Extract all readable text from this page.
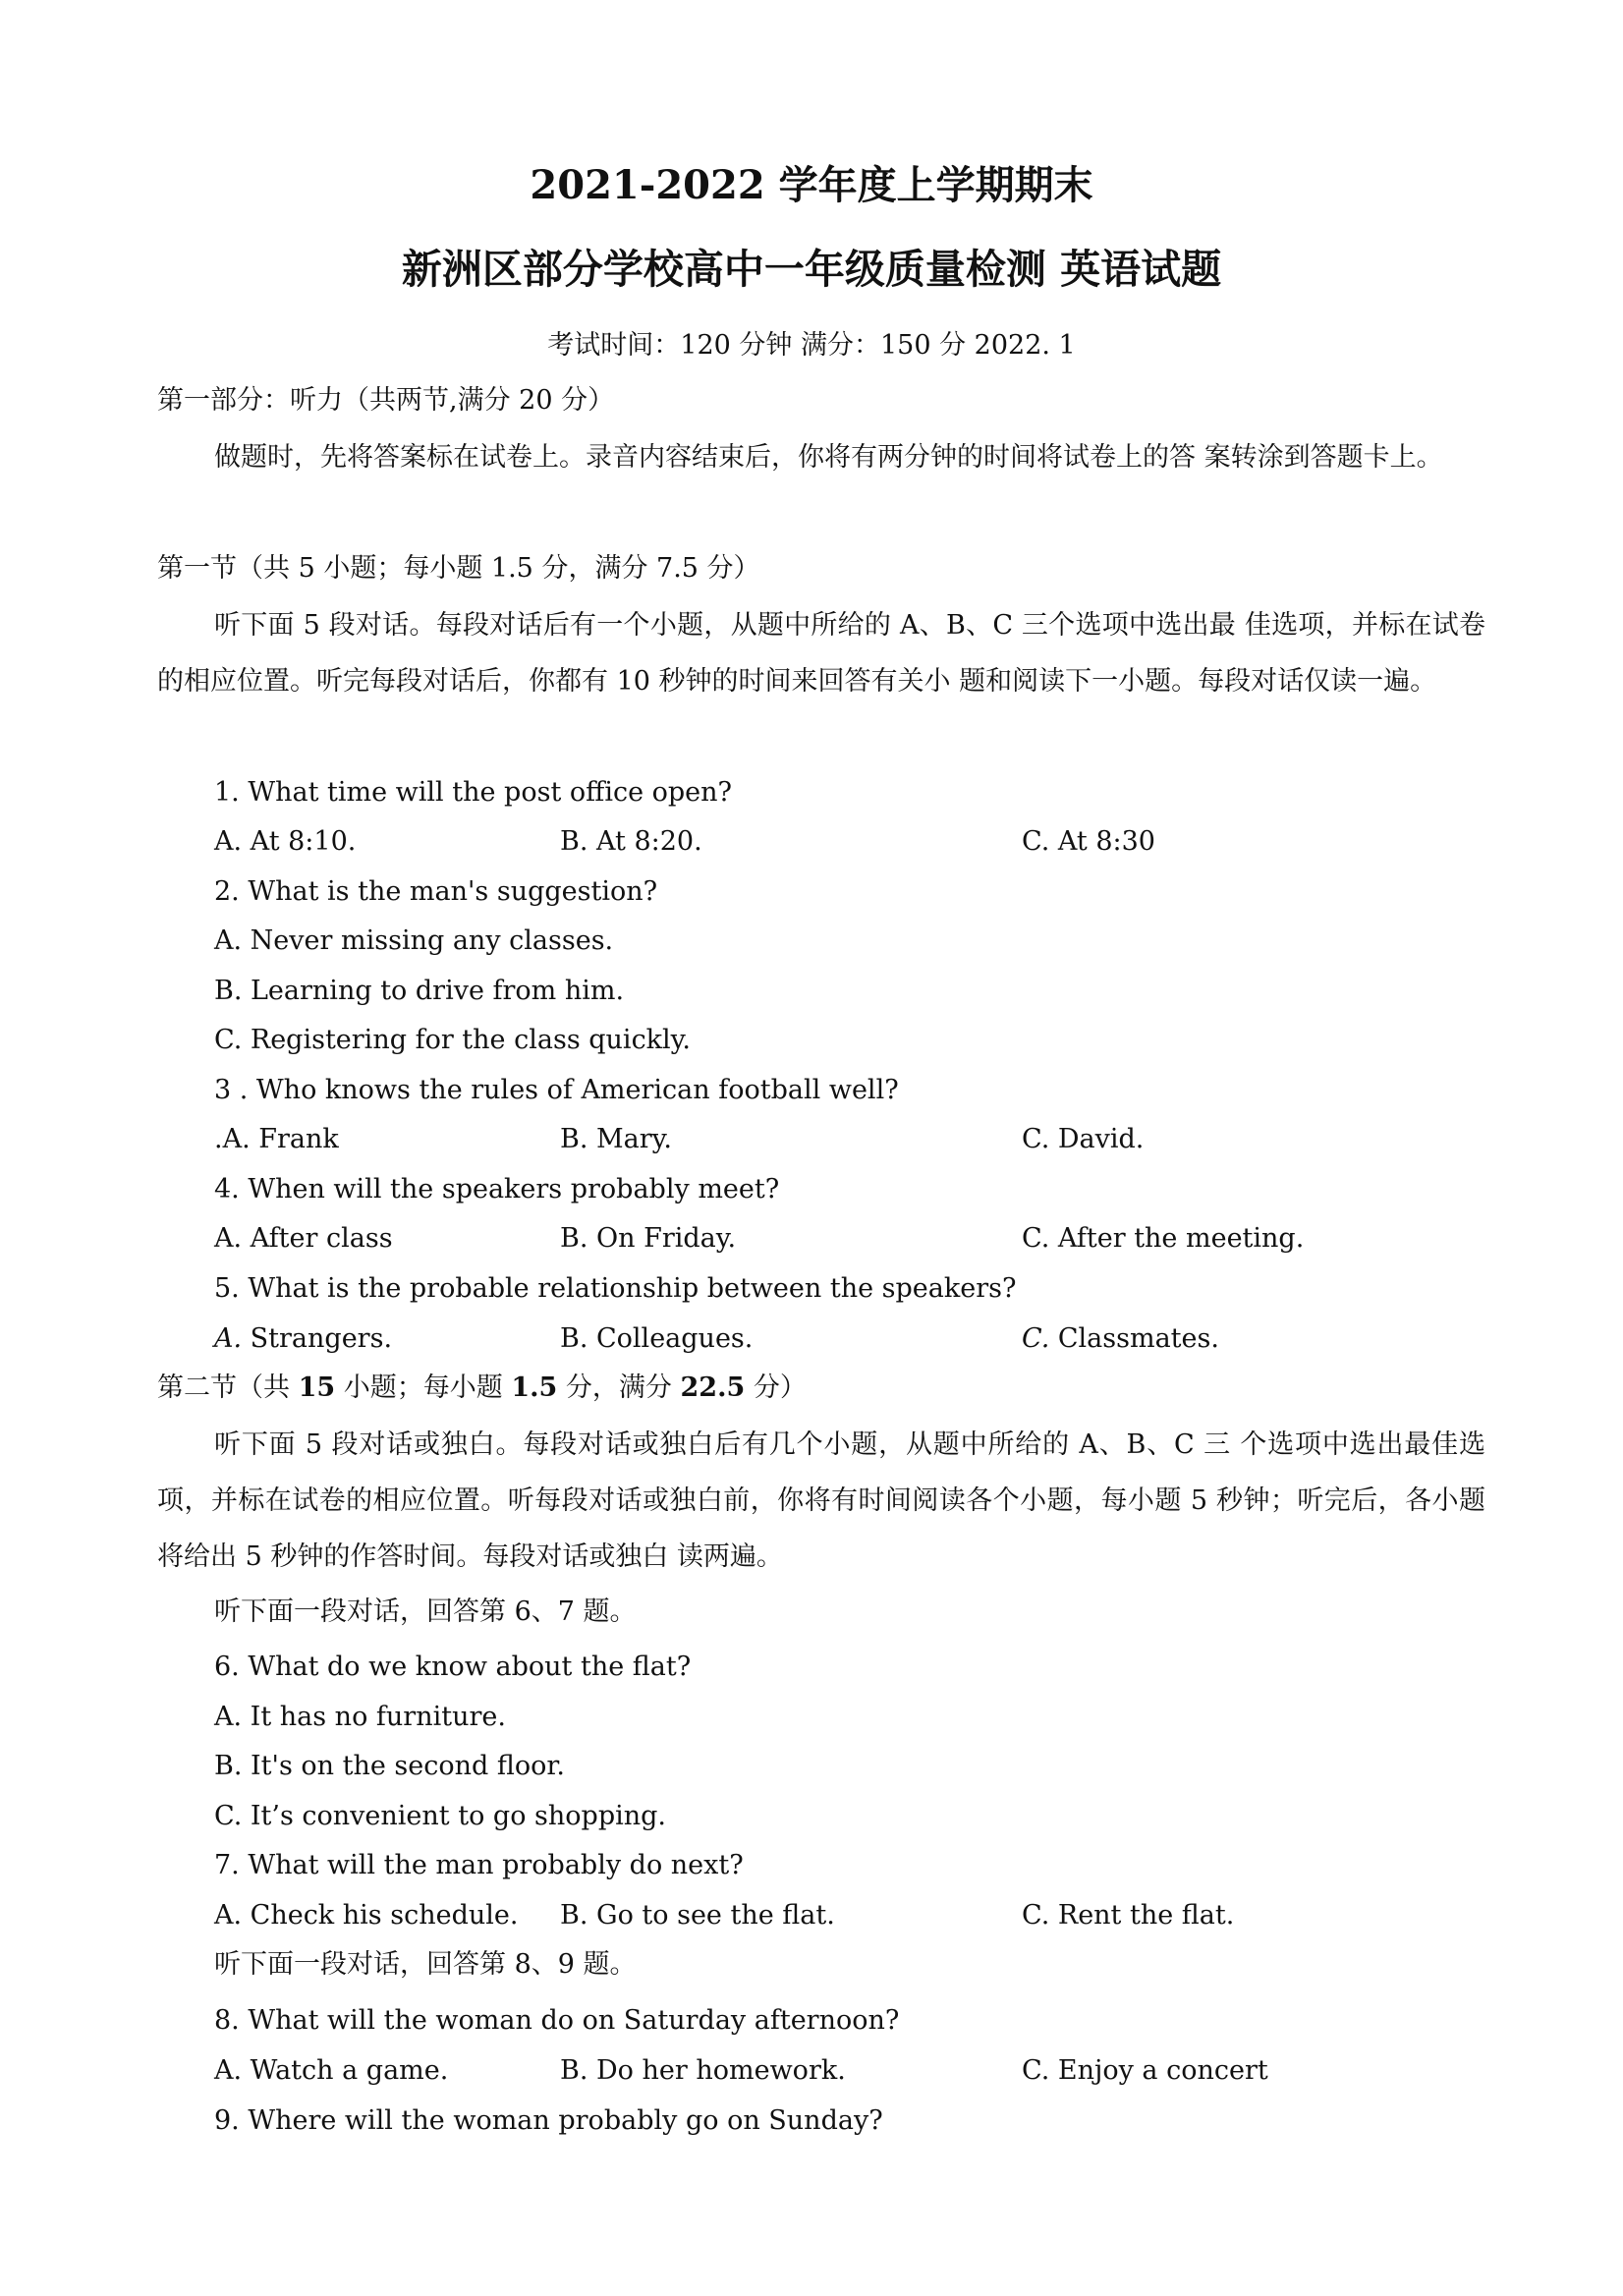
2021-2022 学年度上学期期末
新洲区部分学校高中一年级质量检测 英语试题
考试时间：120 分钟 满分：150 分 2022. 1
第一部分：听力（共两节,满分 20 分）
做题时，先将答案标在试卷上。录音内容结束后，你将有两分钟的时间将试卷上的答 案转涂到答题卡上。
第一节（共 5 小题；每小题 1.5 分，满分 7.5 分）
听下面 5 段对话。每段对话后有一个小题，从题中所给的 A、B、C 三个选项中选出最 佳选项，并标在试卷的相应位置。听完每段对话后，你都有 10 秒钟的时间来回答有关小 题和阅读下一小题。每段对话仅读一遍。
1. What time will the post office open?
A. At 8:10.	B. At 8:20.	C. At 8:30
2. What is the man's suggestion?
A. Never missing any classes.
B. Learning to drive from him.
C. Registering for the class quickly.
3 . Who knows the rules of American football well?
.A. Frank	B. Mary.	C. David.
4. When will the speakers probably meet?
A. After class	B. On Friday.	C. After the meeting.
5. What is the probable relationship between the speakers?
A. Strangers.	B. Colleagues.	C. Classmates.
第二节（共 15 小题；每小题 1.5 分，满分 22.5 分）
听下面 5 段对话或独白。每段对话或独白后有几个小题，从题中所给的 A、B、C 三 个选项中选出最佳选项，并标在试卷的相应位置。听每段对话或独白前，你将有时间阅读各个小题，每小题 5 秒钟；听完后，各小题将给出 5 秒钟的作答时间。每段对话或独白 读两遍。
听下面一段对话，回答第 6、7 题。
6. What do we know about the flat?
A. It has no furniture.
B. It's on the second floor.
C. It’s convenient to go shopping.
7. What will the man probably do next?
A. Check his schedule. B. Go to see the flat.	C. Rent the flat.
听下面一段对话，回答第 8、9 题。
8. What will the woman do on Saturday afternoon?
A. Watch a game.	B. Do her homework.	C. Enjoy a concert
9. Where will the woman probably go on Sunday?
